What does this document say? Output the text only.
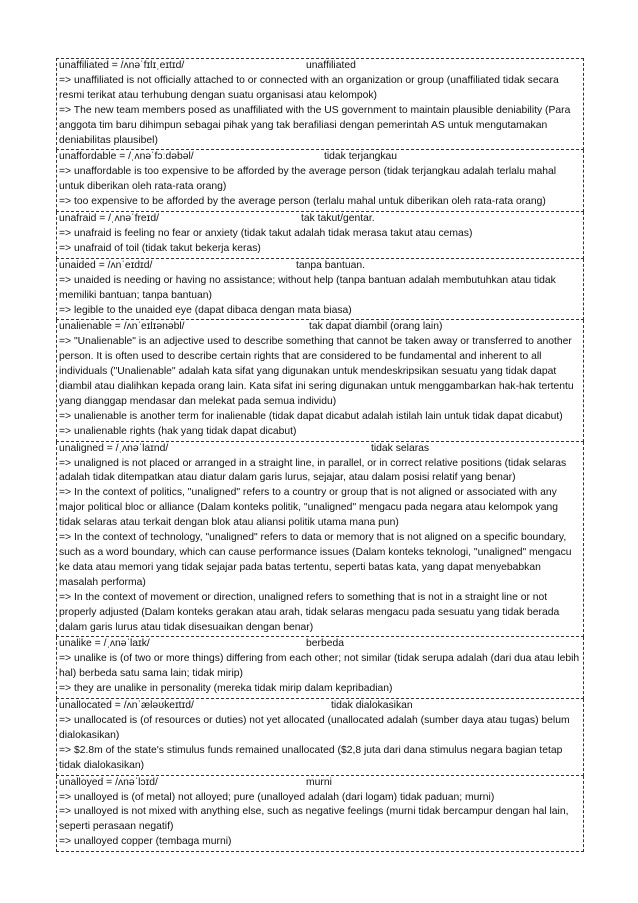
unaffiliated = /ʌnəˈfɪlɪˌeɪtɪd/	unaffiliated
=> unaffiliated is not officially attached to or connected with an organization or group (unaffiliated tidak secara resmi terikat atau terhubung dengan suatu organisasi atau kelompok)
=> The new team members posed as unaffiliated with the US government to maintain plausible deniability (Para anggota tim baru dihimpun sebagai pihak yang tak berafiliasi dengan pemerintah AS untuk mengutamakan deniabilitas plausibel)
unaffordable = /ˌʌnəˈfɔːdəbəl/	tidak terjangkau
=> unaffordable is too expensive to be afforded by the average person (tidak terjangkau adalah terlalu mahal untuk diberikan oleh rata-rata orang)
=> too expensive to be afforded by the average person (terlalu mahal untuk diberikan oleh rata-rata orang)
unafraid = /ˌʌnəˈfreɪd/	tak takut/gentar.
=> unafraid is feeling no fear or anxiety (tidak takut adalah tidak merasa takut atau cemas)
=> unafraid of toil (tidak takut bekerja keras)
unaided = /ʌnˈeɪdɪd/	tanpa bantuan.
=> unaided is needing or having no assistance; without help (tanpa bantuan adalah membutuhkan atau tidak memiliki bantuan; tanpa bantuan)
=> legible to the unaided eye (dapat dibaca dengan mata biasa)
unalienable = /ʌnˈeɪlɪənəbl/	tak dapat diambil (orang lain)
=> "Unalienable" is an adjective used to describe something that cannot be taken away or transferred to another person. It is often used to describe certain rights that are considered to be fundamental and inherent to all individuals ("Unalienable" adalah kata sifat yang digunakan untuk mendeskripsikan sesuatu yang tidak dapat diambil atau dialihkan kepada orang lain. Kata sifat ini sering digunakan untuk menggambarkan hak-hak tertentu yang dianggap mendasar dan melekat pada semua individu)
=> unalienable is another term for inalienable (tidak dapat dicabut adalah istilah lain untuk tidak dapat dicabut)
=> unalienable rights (hak yang tidak dapat dicabut)
unaligned = /ˌʌnəˈlaɪnd/	tidak selaras
=> unaligned is not placed or arranged in a straight line, in parallel, or in correct relative positions (tidak selaras adalah tidak ditempatkan atau diatur dalam garis lurus, sejajar, atau dalam posisi relatif yang benar)
=> In the context of politics, "unaligned" refers to a country or group that is not aligned or associated with any major political bloc or alliance (Dalam konteks politik, "unaligned" mengacu pada negara atau kelompok yang tidak selaras atau terkait dengan blok atau aliansi politik utama mana pun)
=> In the context of technology, "unaligned" refers to data or memory that is not aligned on a specific boundary, such as a word boundary, which can cause performance issues (Dalam konteks teknologi, "unaligned" mengacu ke data atau memori yang tidak sejajar pada batas tertentu, seperti batas kata, yang dapat menyebabkan masalah performa)
=> In the context of movement or direction, unaligned refers to something that is not in a straight line or not properly adjusted (Dalam konteks gerakan atau arah, tidak selaras mengacu pada sesuatu yang tidak berada dalam garis lurus atau tidak disesuaikan dengan benar)
unalike = /ˌʌnəˈlaɪk/	berbeda
=> unalike is (of two or more things) differing from each other; not similar (tidak serupa adalah (dari dua atau lebih hal) berbeda satu sama lain; tidak mirip)
=> they are unalike in personality (mereka tidak mirip dalam kepribadian)
unallocated = /ʌnˈæləʊkeɪtɪd/	tidak dialokasikan
=> unallocated is (of resources or duties) not yet allocated (unallocated adalah (sumber daya atau tugas) belum dialokasikan)
=> $2.8m of the state's stimulus funds remained unallocated ($2,8 juta dari dana stimulus negara bagian tetap tidak dialokasikan)
unalloyed = /ʌnəˈlɔɪd/	murni
=> unalloyed is (of metal) not alloyed; pure (unalloyed adalah (dari logam) tidak paduan; murni)
=> unalloyed is not mixed with anything else, such as negative feelings (murni tidak bercampur dengan hal lain, seperti perasaan negatif)
=> unalloyed copper (tembaga murni)
